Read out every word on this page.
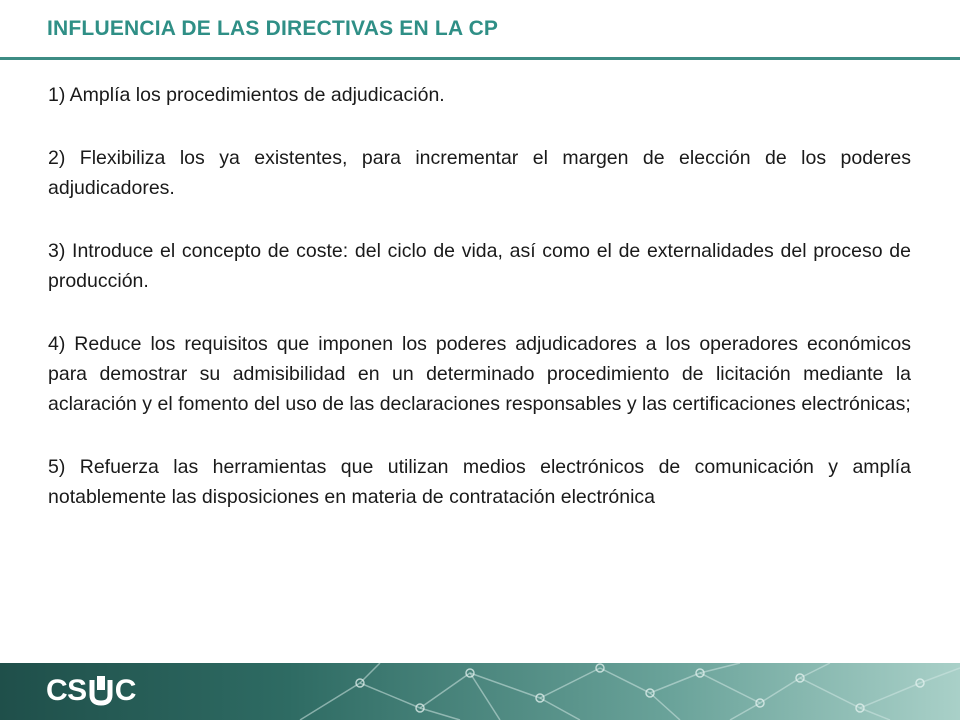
INFLUENCIA DE LAS DIRECTIVAS EN LA CP

1) Amplía los procedimientos de adjudicación.

2) Flexibiliza los ya existentes, para incrementar el margen de elección de los poderes adjudicadores.

3) Introduce el concepto de coste: del ciclo de vida, así como el de externalidades del proceso de producción.

4) Reduce los requisitos que imponen los poderes adjudicadores a los operadores económicos para demostrar su admisibilidad en un determinado procedimiento de licitación mediante la aclaración y el fomento del uso de las declaraciones responsables y las certificaciones electrónicas;

5) Refuerza las herramientas que utilizan medios electrónicos de comunicación y amplía notablemente las disposiciones en materia de contratación electrónica

CS C
